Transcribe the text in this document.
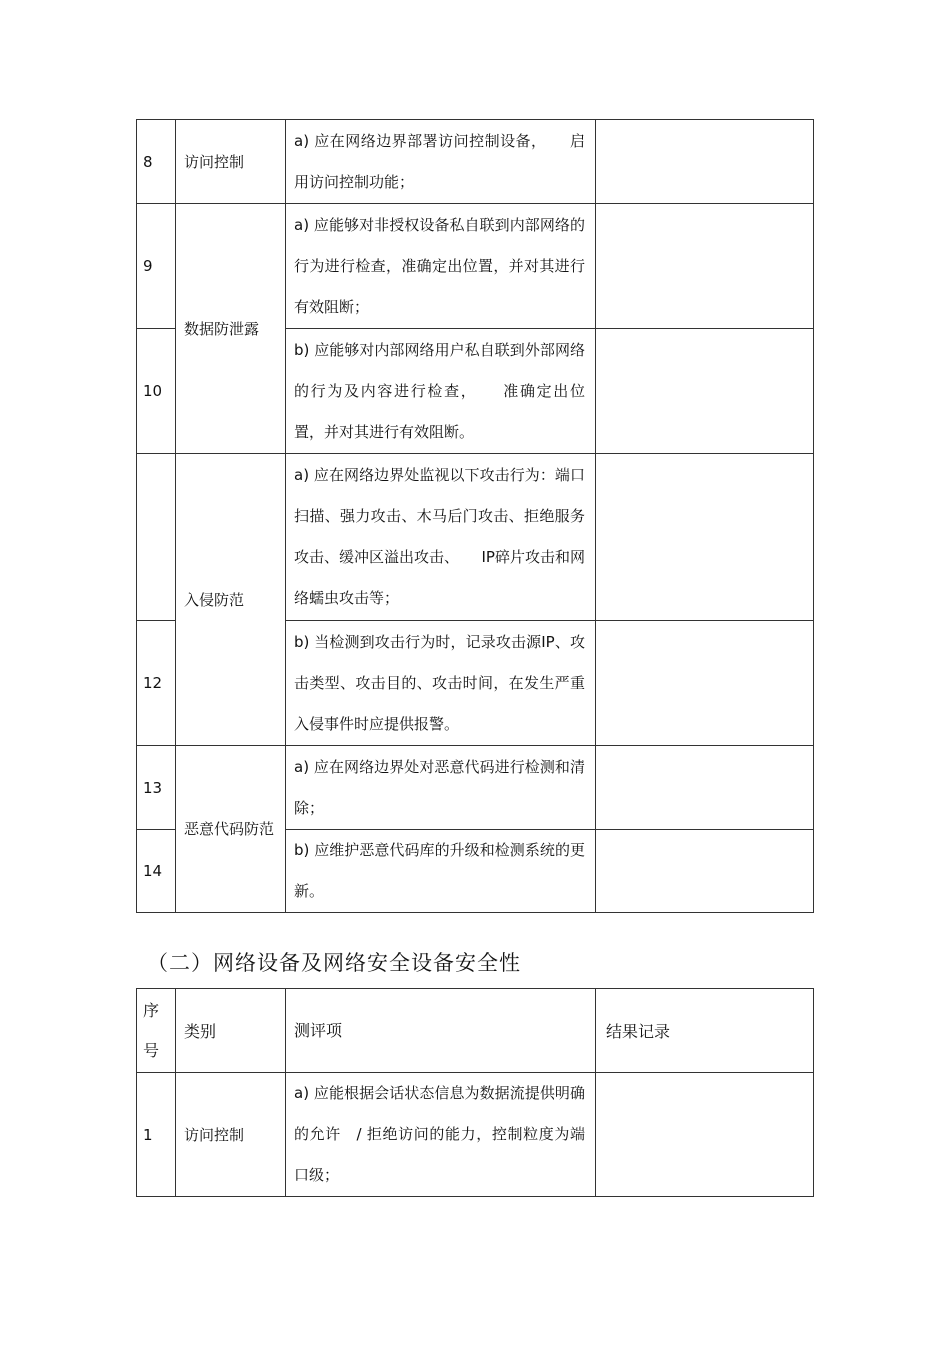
8	访问控制	a) 应在网络边界部署访问控制设备，　　启用访问控制功能；	
9	数据防泄露	a) 应能够对非授权设备私自联到内部网络的行为进行检查，准确定出位置，并对其进行有效阻断；	
10		b) 应能够对内部网络用户私自联到外部网络的行为及内容进行检查，　　准确定出位置，并对其进行有效阻断。	
	入侵防范	a) 应在网络边界处监视以下攻击行为：端口扫描、强力攻击、木马后门攻击、拒绝服务攻击、缓冲区溢出攻击、　　IP碎片攻击和网络蠕虫攻击等；	
12		b) 当检测到攻击行为时，记录攻击源IP、攻击类型、攻击目的、攻击时间，在发生严重入侵事件时应提供报警。	
13	恶意代码防范	a) 应在网络边界处对恶意代码进行检测和清除；	
14		b) 应维护恶意代码库的升级和检测系统的更新。	
（二）网络设备及网络安全设备安全性
序号	类别	测评项	结果记录
1	访问控制	a) 应能根据会话状态信息为数据流提供明确的允许　/ 拒绝访问的能力，控制粒度为端口级；	
